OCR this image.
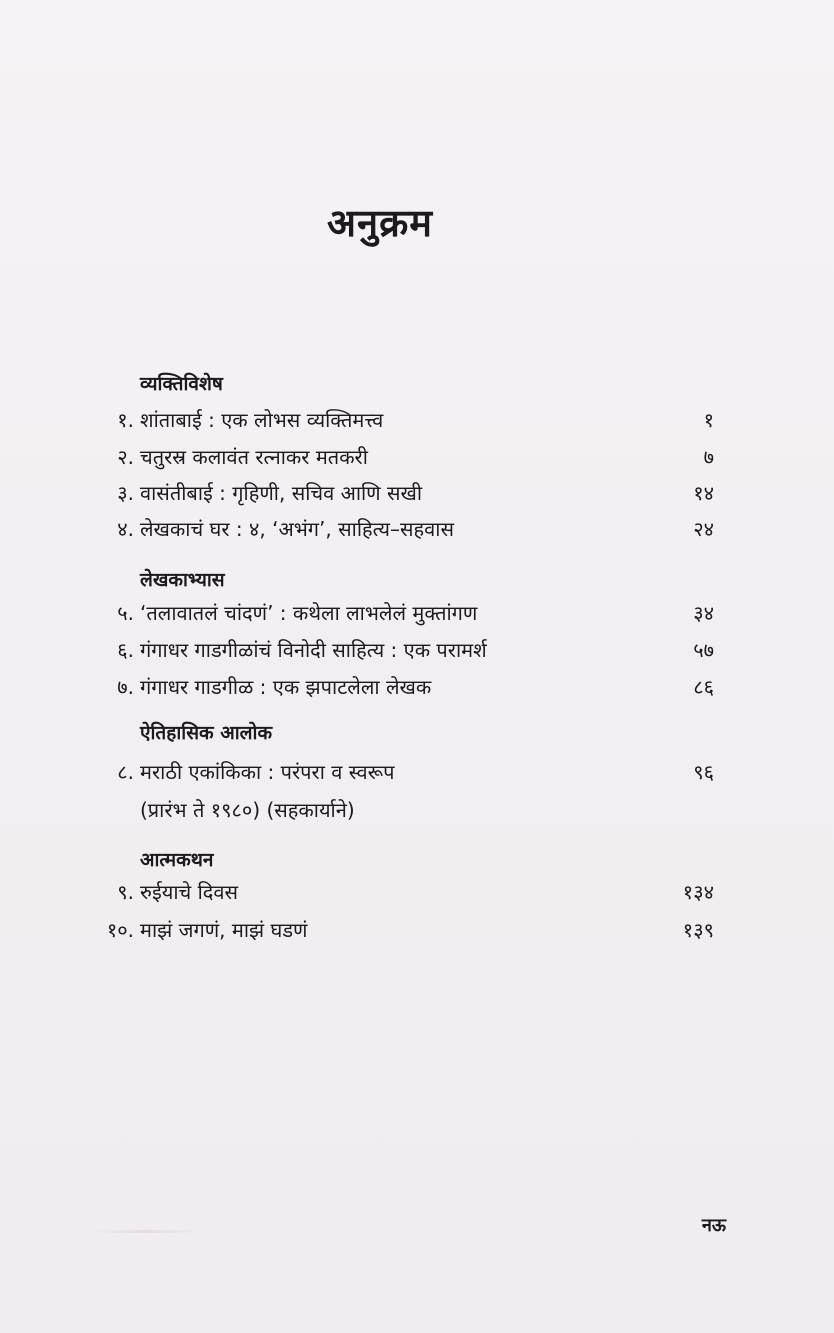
अनुक्रम
व्यक्तिविशेष
१. शांताबाई : एक लोभस व्यक्तिमत्त्व	१
२. चतुरस्र कलावंत रत्नाकर मतकरी	७
३. वासंतीबाई : गृहिणी, सचिव आणि सखी	१४
४. लेखकाचं घर : ४, ‘अभंग’, साहित्य–सहवास	२४
लेखकाभ्यास
५. ‘तलावातलं चांदणं’ : कथेला लाभलेलं मुक्तांगण	३४
६. गंगाधर गाडगीळांचं विनोदी साहित्य : एक परामर्श	५७
७. गंगाधर गाडगीळ : एक झपाटलेला लेखक	८६
ऐतिहासिक आलोक
८. मराठी एकांकिका : परंपरा व स्वरूप	९६
(प्रारंभ ते १९८०) (सहकार्याने)
आत्मकथन
९. रुईयाचे दिवस	१३४
१०. माझं जगणं, माझं घडणं	१३९
नऊ
